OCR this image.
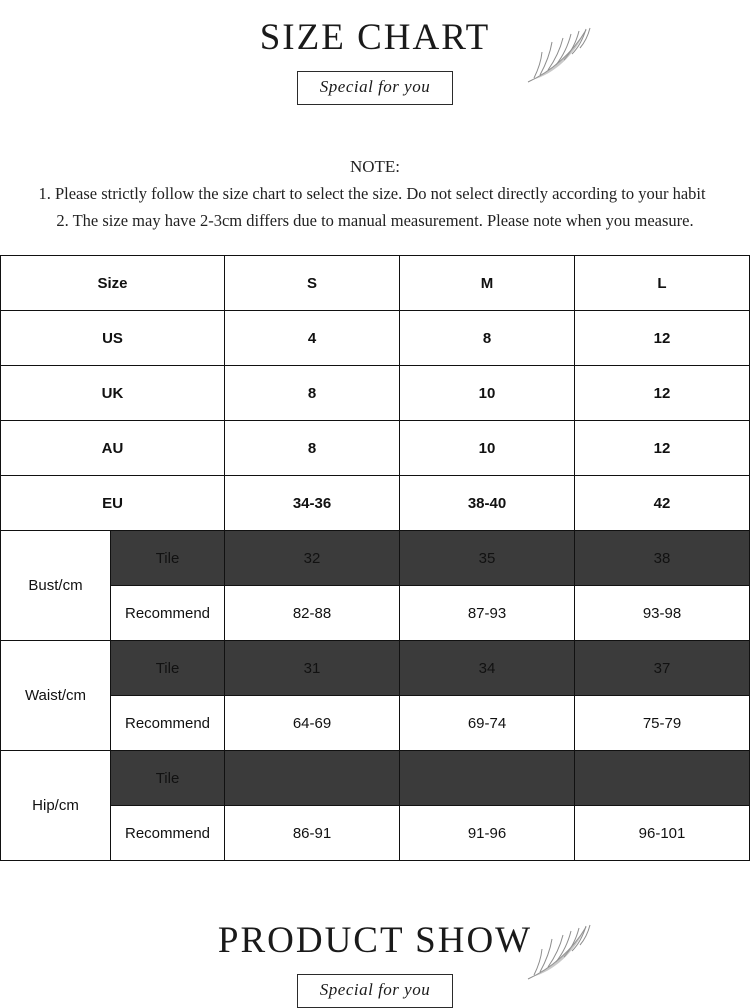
SIZE CHART
Special for you
NOTE:
1. Please strictly follow the size chart to select the size. Do not select directly according to your habit
2. The size may have 2-3cm differs due to manual measurement. Please note when you measure.
Size		S	M	L
US		4	8	12
UK		8	10	12
AU		8	10	12
EU		34-36	38-40	42
Bust/cm	Tile	32	35	38
	Recommend	82-88	87-93	93-98
Waist/cm	Tile	31	34	37
	Recommend	64-69	69-74	75-79
Hip/cm	Tile			
	Recommend	86-91	91-96	96-101
PRODUCT SHOW
Special for you
